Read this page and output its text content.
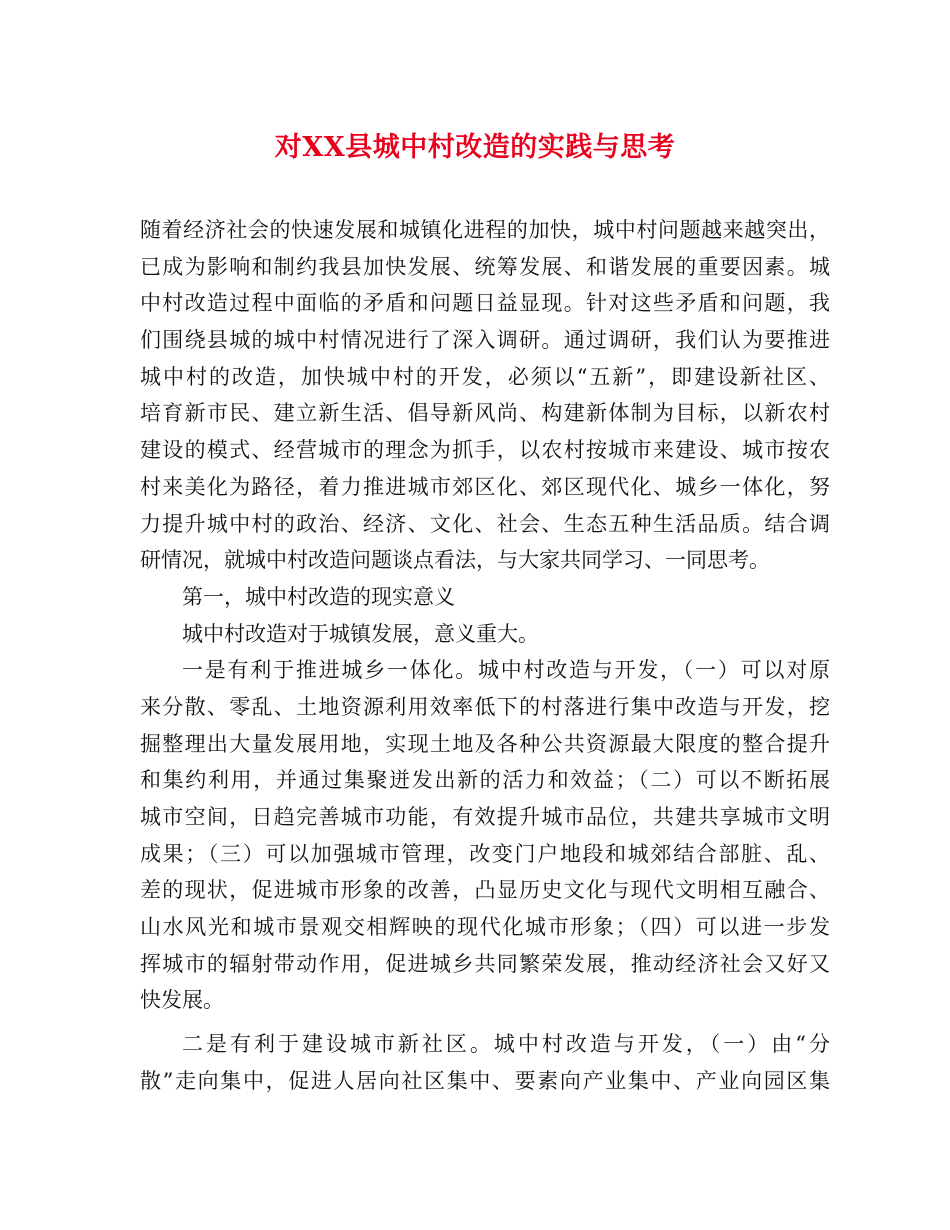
对XX县城中村改造的实践与思考
随着经济社会的快速发展和城镇化进程的加快，城中村问题越来越突出，
已成为影响和制约我县加快发展、统筹发展、和谐发展的重要因素。城
中村改造过程中面临的矛盾和问题日益显现。针对这些矛盾和问题，我
们围绕县城的城中村情况进行了深入调研。通过调研，我们认为要推进
城中村的改造，加快城中村的开发，必须以“五新”，即建设新社区、
培育新市民、建立新生活、倡导新风尚、构建新体制为目标，以新农村
建设的模式、经营城市的理念为抓手，以农村按城市来建设、城市按农
村来美化为路径，着力推进城市郊区化、郊区现代化、城乡一体化，努
力提升城中村的政治、经济、文化、社会、生态五种生活品质。结合调
研情况，就城中村改造问题谈点看法，与大家共同学习、一同思考。
第一，城中村改造的现实意义
城中村改造对于城镇发展，意义重大。
一是有利于推进城乡一体化。城中村改造与开发，（一）可以对原
来分散、零乱、土地资源利用效率低下的村落进行集中改造与开发，挖
掘整理出大量发展用地，实现土地及各种公共资源最大限度的整合提升
和集约利用，并通过集聚迸发出新的活力和效益；（二）可以不断拓展
城市空间，日趋完善城市功能，有效提升城市品位，共建共享城市文明
成果；（三）可以加强城市管理，改变门户地段和城郊结合部脏、乱、
差的现状，促进城市形象的改善，凸显历史文化与现代文明相互融合、
山水风光和城市景观交相辉映的现代化城市形象；（四）可以进一步发
挥城市的辐射带动作用，促进城乡共同繁荣发展，推动经济社会又好又
快发展。
二是有利于建设城市新社区。城中村改造与开发，（一）由“分
散”走向集中，促进人居向社区集中、要素向产业集中、产业向园区集
